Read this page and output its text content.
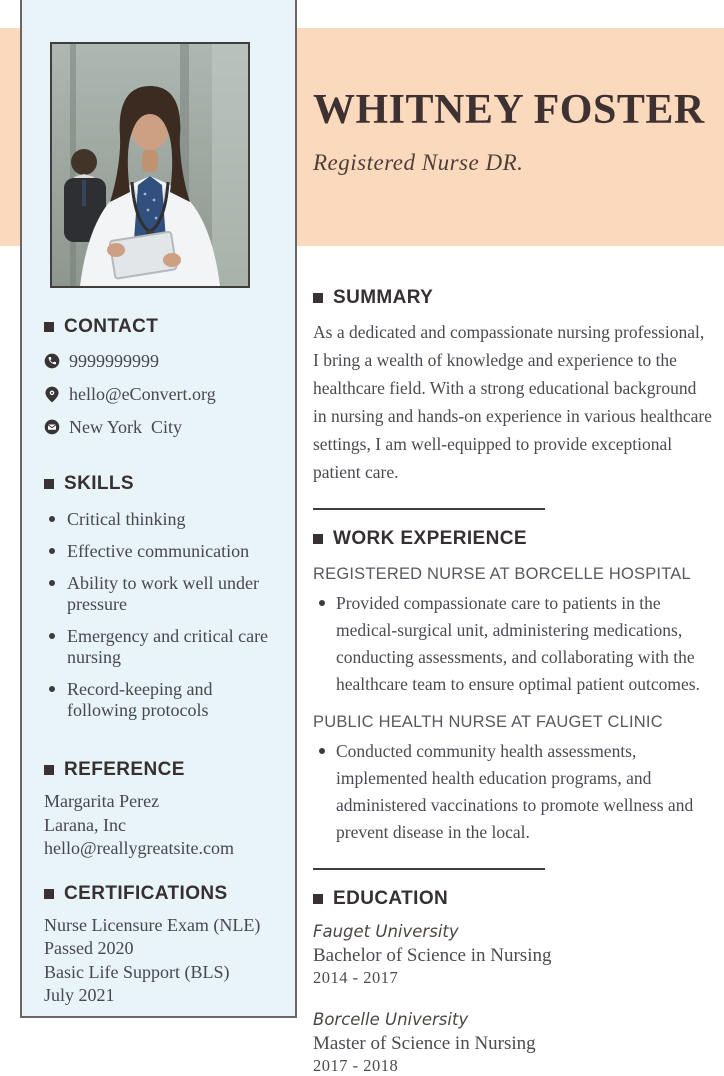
CONTACT
9999999999
hello@eConvert.org
New York  City
SKILLS
Critical thinking
Effective communication
Ability to work well under pressure
Emergency and critical care nursing
Record-keeping and following protocols
REFERENCE
Margarita Perez
Larana, Inc
hello@reallygreatsite.com
CERTIFICATIONS
Nurse Licensure Exam (NLE)
Passed 2020
Basic Life Support (BLS)
July 2021
WHITNEY FOSTER
Registered Nurse DR.
SUMMARY

As a dedicated and compassionate nursing professional, I bring a wealth of knowledge and experience to the healthcare field. With a strong educational background in nursing and hands-on experience in various healthcare settings, I am well-equipped to provide exceptional patient care.

WORK EXPERIENCE
REGISTERED NURSE AT BORCELLE HOSPITAL

Provided compassionate care to patients in the medical-surgical unit, administering medications, conducting assessments, and collaborating with the healthcare team to ensure optimal patient outcomes.

PUBLIC HEALTH NURSE AT FAUGET CLINIC

Conducted community health assessments, implemented health education programs, and administered vaccinations to promote wellness and prevent disease in the local.

EDUCATION
Fauget University
Bachelor of Science in Nursing
2014 - 2017
Borcelle University
Master of Science in Nursing
2017 - 2018
